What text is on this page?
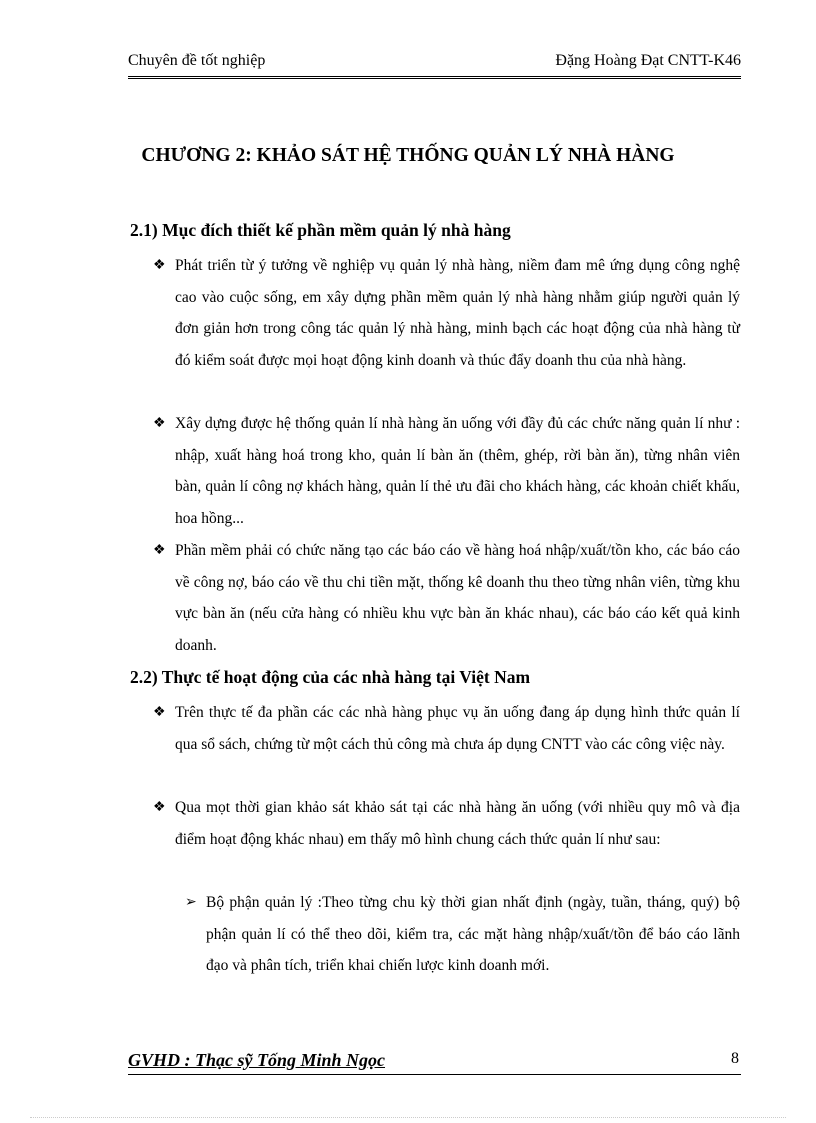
Chuyên đề tốt nghiệp	Đặng Hoàng Đạt CNTT-K46
CHƯƠNG 2: KHẢO SÁT HỆ THỐNG QUẢN LÝ NHÀ HÀNG
2.1) Mục đích thiết kế phần mềm quản lý nhà hàng
❖ Phát triển từ ý tưởng về nghiệp vụ quản lý nhà hàng, niềm đam mê ứng dụng công nghệ cao vào cuộc sống, em xây dựng phần mềm quản lý nhà hàng nhằm giúp người quản lý đơn giản hơn trong công tác quản lý nhà hàng, minh bạch các hoạt động của nhà hàng từ đó kiểm soát được mọi hoạt động kinh doanh và thúc đẩy doanh thu của nhà hàng.
❖ Xây dựng được hệ thống quản lí nhà hàng ăn uống với đầy đủ các chức năng quản lí như : nhập, xuất hàng hoá trong kho, quản lí bàn ăn (thêm, ghép, rời bàn ăn), từng nhân viên bàn, quản lí công nợ khách hàng, quản lí thẻ ưu đãi cho khách hàng, các khoản chiết khấu, hoa hồng...
❖ Phần mềm phải có chức năng tạo các báo cáo về hàng hoá nhập/xuất/tồn kho, các báo cáo về công nợ, báo cáo về thu chi tiền mặt, thống kê doanh thu theo từng nhân viên, từng khu vực bàn ăn (nếu cửa hàng có nhiều khu vực bàn ăn khác nhau), các báo cáo kết quả kinh doanh.
2.2) Thực tế hoạt động của các nhà hàng tại Việt Nam
❖ Trên thực tế đa phần các các nhà hàng phục vụ ăn uống đang áp dụng hình thức quản lí qua sổ sách, chứng từ một cách thủ công mà chưa áp dụng CNTT vào các công việc này.
❖ Qua mọt thời gian khảo sát khảo sát tại các nhà hàng ăn uống (với nhiều quy mô và địa điểm hoạt động khác nhau) em thấy mô hình chung cách thức quản lí như sau:
➢ Bộ phận quản lý :Theo từng chu kỳ thời gian nhất định (ngày, tuần, tháng, quý) bộ phận quản lí có thể theo dõi, kiểm tra, các mặt hàng nhập/xuất/tồn để báo cáo lãnh đạo và phân tích, triển khai chiến lược kinh doanh mới.
GVHD : Thạc sỹ Tống Minh Ngọc	8
